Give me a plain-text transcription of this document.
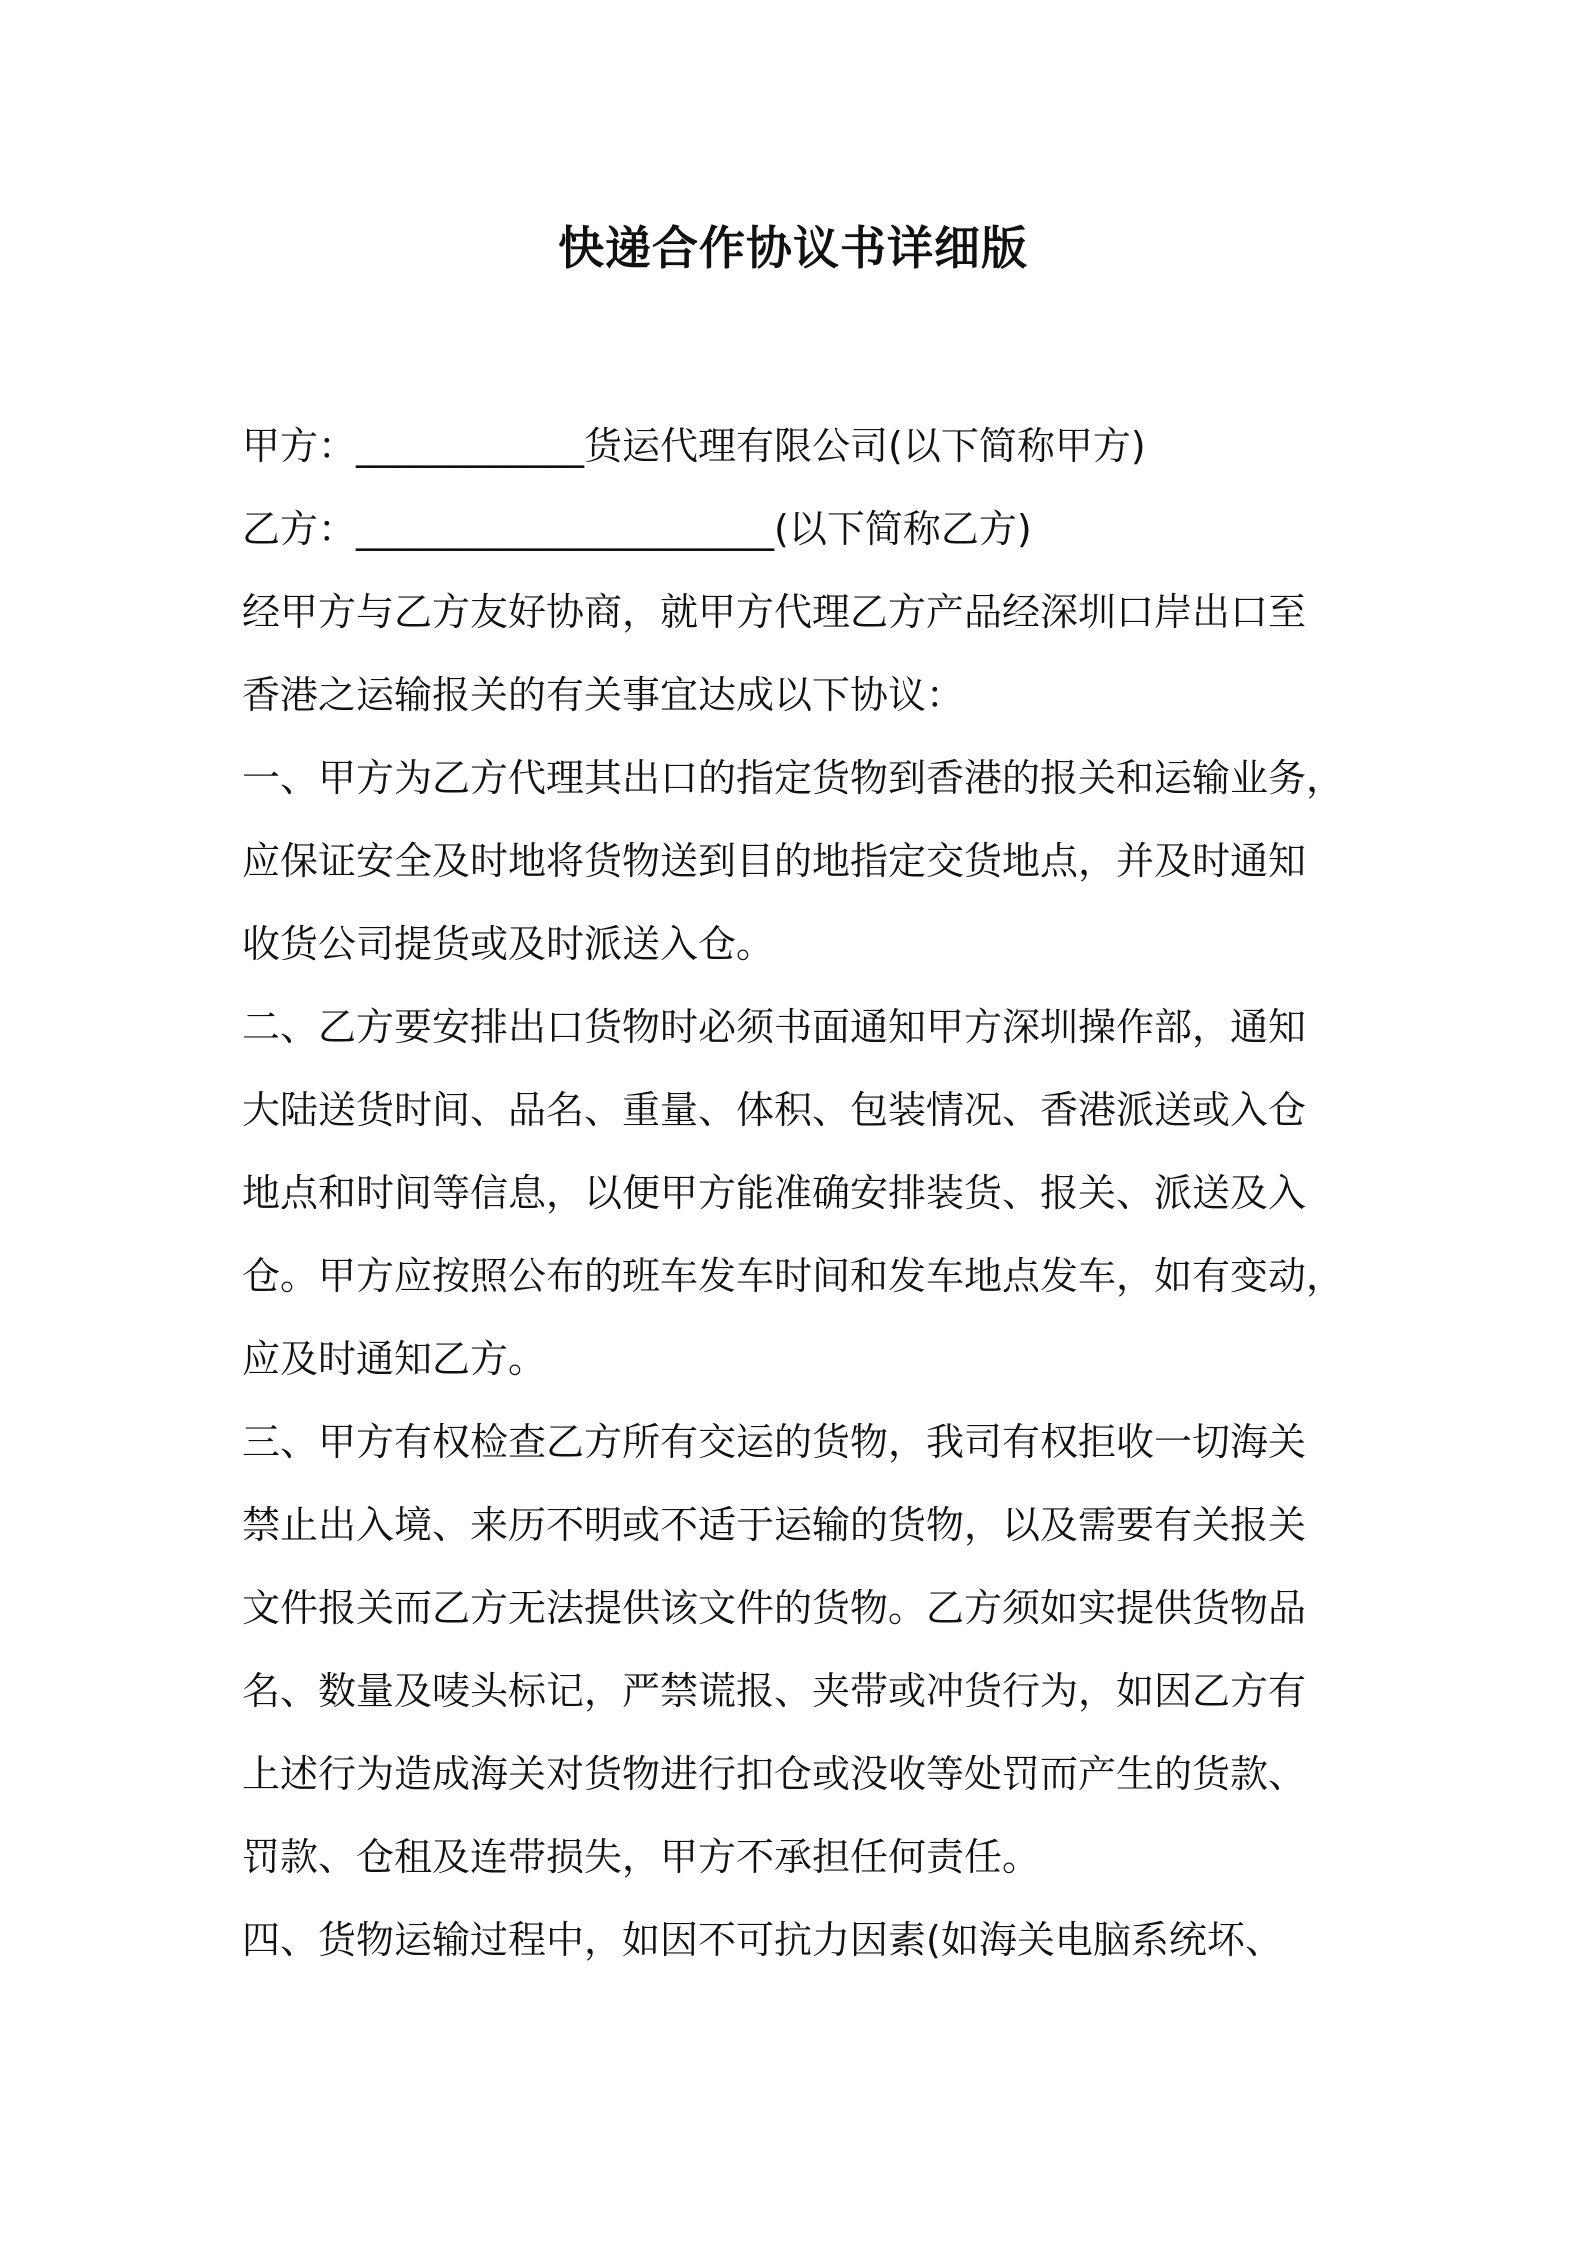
快递合作协议书详细版

甲方：____________货运代理有限公司(以下简称甲方)

乙方：______________________(以下简称乙方)

经甲方与乙方友好协商，就甲方代理乙方产品经深圳口岸出口至

香港之运输报关的有关事宜达成以下协议：

一、甲方为乙方代理其出口的指定货物到香港的报关和运输业务，

应保证安全及时地将货物送到目的地指定交货地点，并及时通知

收货公司提货或及时派送入仓。

二、乙方要安排出口货物时必须书面通知甲方深圳操作部，通知

大陆送货时间、品名、重量、体积、包装情况、香港派送或入仓

地点和时间等信息，以便甲方能准确安排装货、报关、派送及入

仓。甲方应按照公布的班车发车时间和发车地点发车，如有变动，

应及时通知乙方。

三、甲方有权检查乙方所有交运的货物，我司有权拒收一切海关

禁止出入境、来历不明或不适于运输的货物，以及需要有关报关

文件报关而乙方无法提供该文件的货物。乙方须如实提供货物品

名、数量及唛头标记，严禁谎报、夹带或冲货行为，如因乙方有

上述行为造成海关对货物进行扣仓或没收等处罚而产生的货款、

罚款、仓租及连带损失，甲方不承担任何责任。

四、货物运输过程中，如因不可抗力因素(如海关电脑系统坏、
